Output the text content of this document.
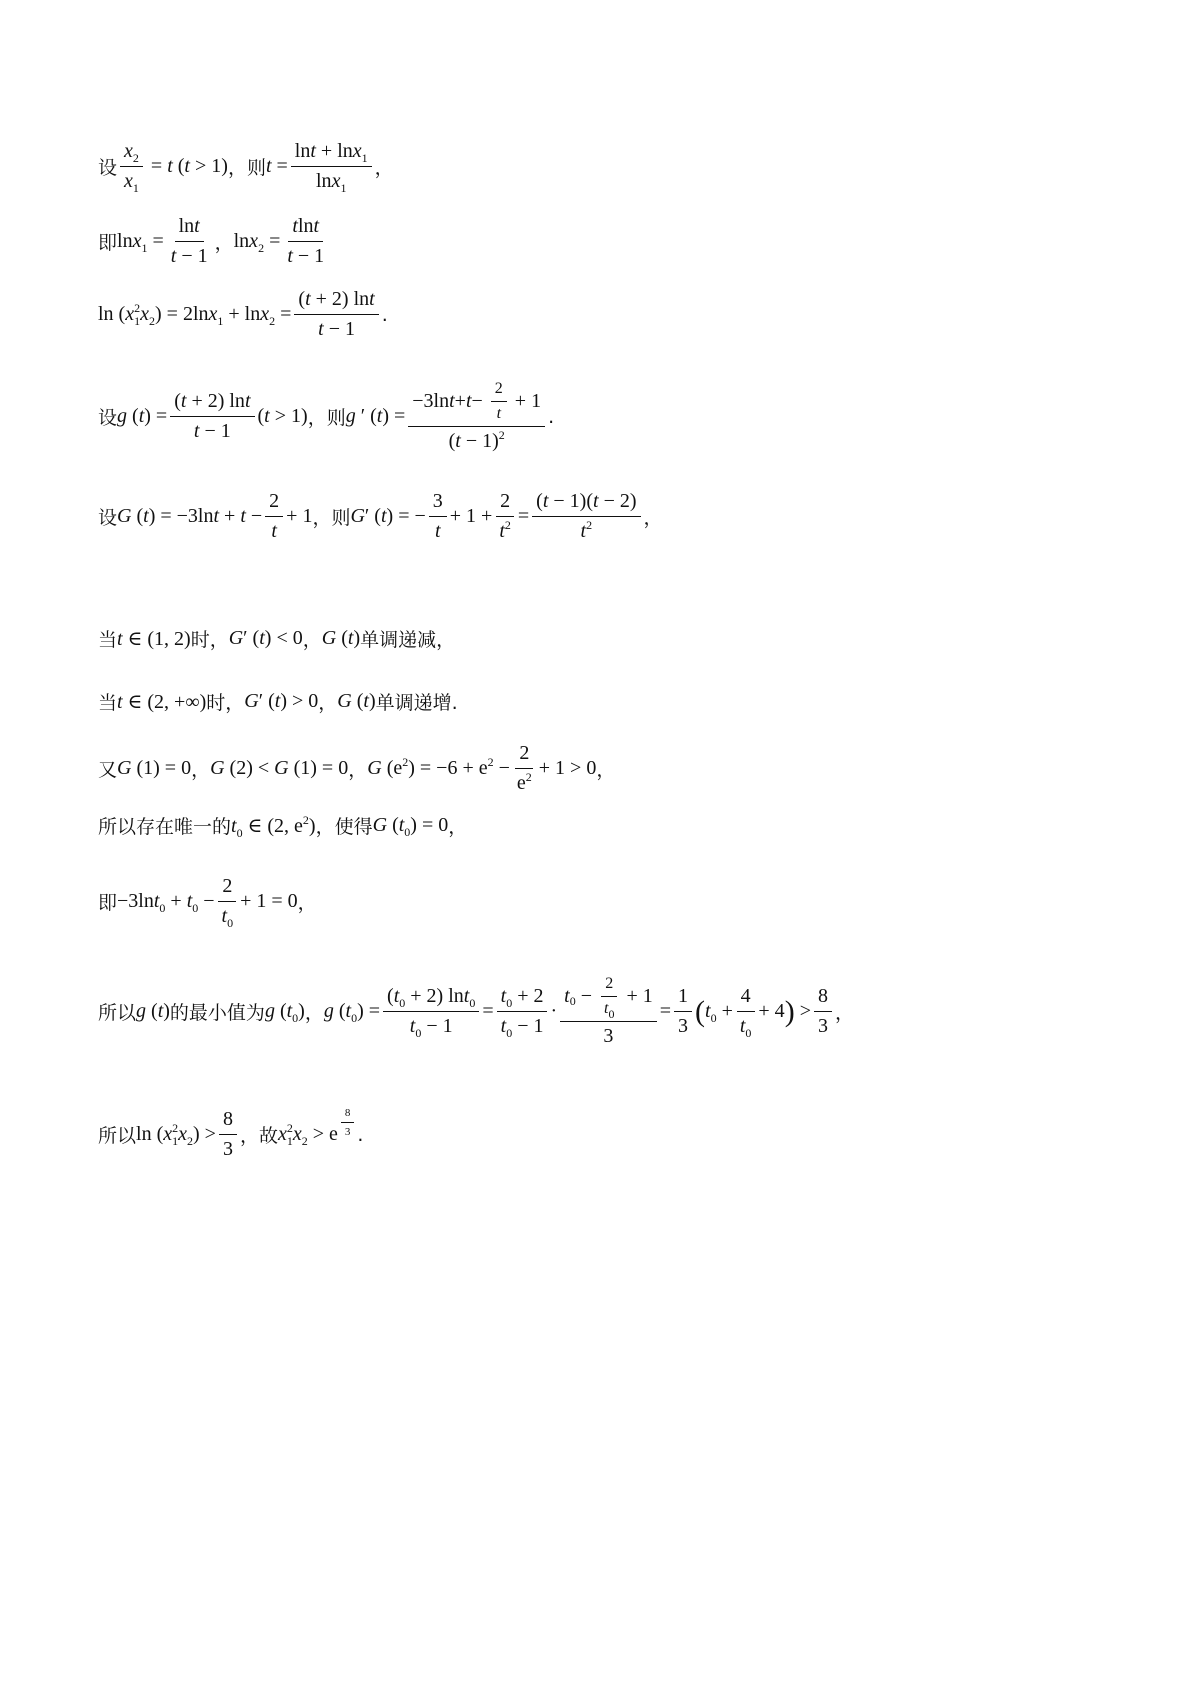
设 $\frac{x_2}{x_1} = t$ (t > 1) ，则 $t = \frac{\ln t + \ln x_1}{\ln x_1}$ ，
即 $\ln x_1 = \frac{\ln t}{t - 1}$ ， $\ln x_2 = \frac{tlnt}{t - 1}$
$\ln (x_1^2x_2) = 2\ln x_1 + \ln x_2 = \frac{(t + 2) \ln t}{t - 1}$ .
设 g $(t) = \frac{(t + 2) \ln t}{t - 1} (t > 1)$ ，则 g ′ $(t) = \frac{-3\ln t + t - \frac{2}{t} + 1}{(t - 1)^2}$ .
设 G $(t) = -3\ln t + t - \frac{2}{t} + 1$ ，则 G′ (t) = − $\frac{3}{t} + 1 + \frac{2}{t^2} = \frac{(t - 1)(t - 2)}{t^2}$ ，
当 t ∈ (1, 2) 时， G′ (t) < 0 ， G (t) 单调递减，
当 t ∈ (2, +∞) 时， G′ (t) > 0 ， G (t) 单调递增.
又 G (1) = 0 ， G (2) < G (1) = 0 ， G $(e^2) = -6 + e^2 - \frac{2}{e^2} + 1 > 0$ ，
所以存在唯一的 $t_0$ ∈ (2, $e^2$) ，使得 G $(t_0) = 0$ ，
即 $-3\ln t_0 + t_0 - \frac{2}{t_0} + 1 = 0$ ，
所以 g (t) 的最小值为 g $(t_0)$ ， g $(t_0) = \frac{(t_0 + 2) \ln t_0}{t_0 - 1} = \frac{t_0 + 2}{t_0 - 1} \cdot \frac{t 0 - \frac{2}{t_0} + 1}{3} = \frac{1}{3}$ ( $t_0 + \frac{4}{t_0} + 4$ ) > $\frac{8}{3}$ ，
所以 $\ln (x_1^2x_2) > \frac{8}{3}$ ，故 $x_1^2x_2 > e \frac{8}{3}$ .
